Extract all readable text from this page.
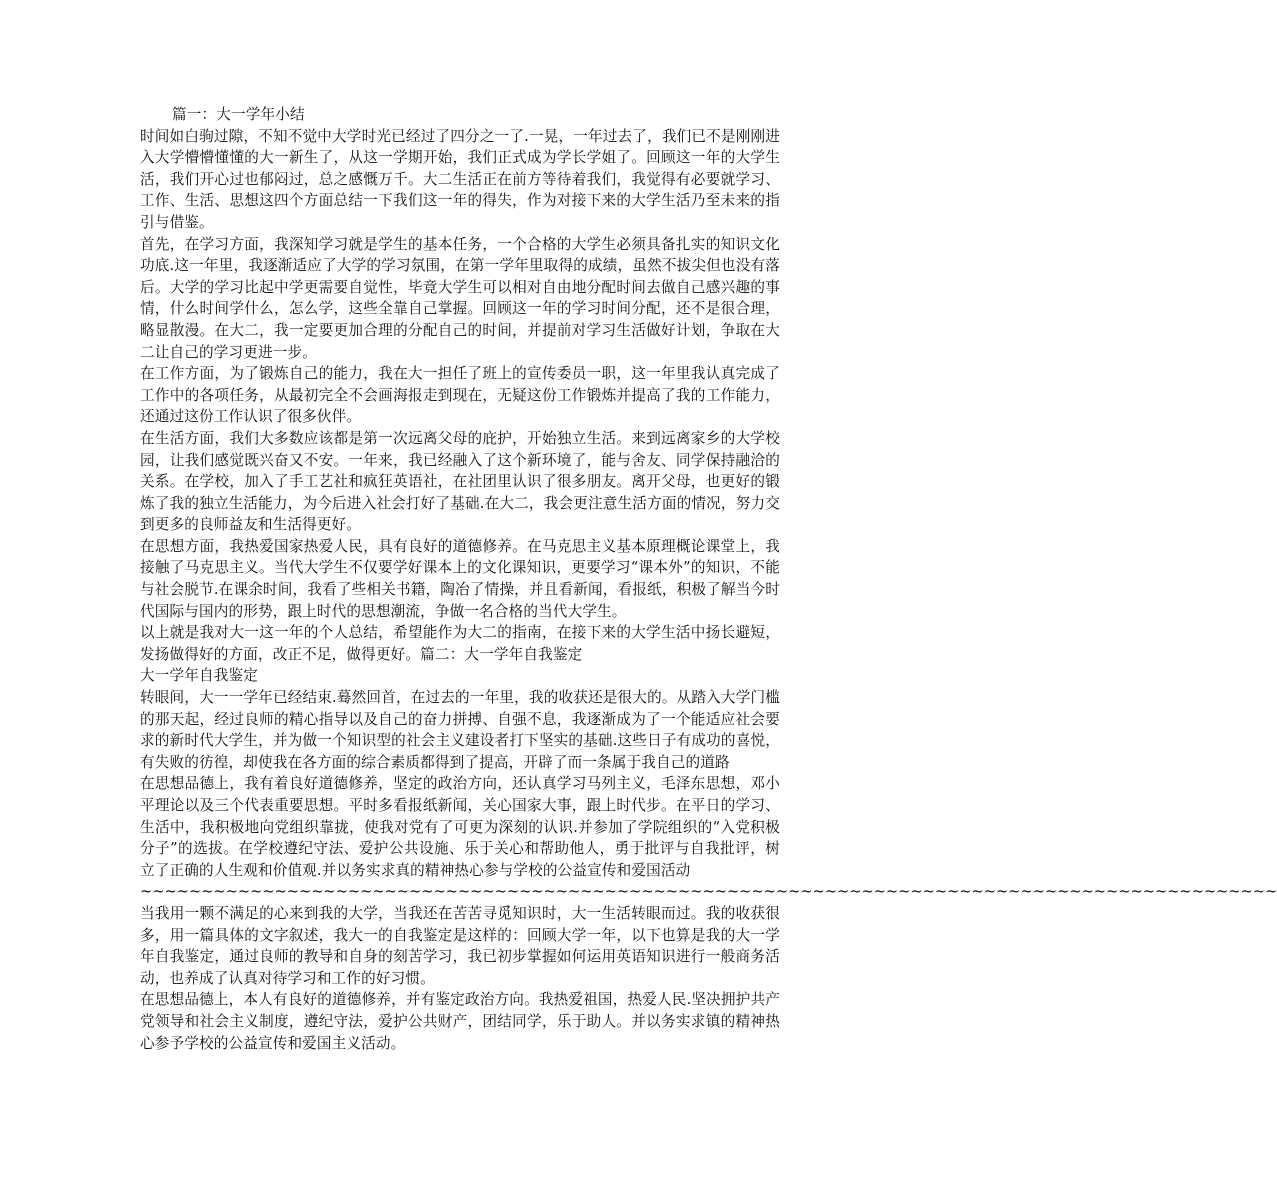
篇一：大一学年小结

时间如白驹过隙，不知不觉中大学时光已经过了四分之一了.一晃，一年过去了，我们已不是刚刚进入大学懵懵懂懂的大一新生了，从这一学期开始，我们正式成为学长学姐了。回顾这一年的大学生活，我们开心过也郁闷过，总之感慨万千。大二生活正在前方等待着我们，我觉得有必要就学习、工作、生活、思想这四个方面总结一下我们这一年的得失，作为对接下来的大学生活乃至未来的指引与借鉴。

首先，在学习方面，我深知学习就是学生的基本任务，一个合格的大学生必须具备扎实的知识文化功底.这一年里，我逐渐适应了大学的学习氛围，在第一学年里取得的成绩，虽然不拔尖但也没有落后。大学的学习比起中学更需要自觉性，毕竟大学生可以相对自由地分配时间去做自己感兴趣的事情，什么时间学什么，怎么学，这些全靠自己掌握。回顾这一年的学习时间分配，还不是很合理，略显散漫。在大二，我一定要更加合理的分配自己的时间，并提前对学习生活做好计划，争取在大二让自己的学习更进一步。

在工作方面，为了锻炼自己的能力，我在大一担任了班上的宣传委员一职，这一年里我认真完成了工作中的各项任务，从最初完全不会画海报走到现在，无疑这份工作锻炼并提高了我的工作能力，还通过这份工作认识了很多伙伴。

在生活方面，我们大多数应该都是第一次远离父母的庇护，开始独立生活。来到远离家乡的大学校园，让我们感觉既兴奋又不安。一年来，我已经融入了这个新环境了，能与舍友、同学保持融洽的关系。在学校，加入了手工艺社和疯狂英语社，在社团里认识了很多朋友。离开父母，也更好的锻炼了我的独立生活能力，为今后进入社会打好了基础.在大二，我会更注意生活方面的情况，努力交到更多的良师益友和生活得更好。

在思想方面，我热爱国家热爱人民，具有良好的道德修养。在马克思主义基本原理概论课堂上，我接触了马克思主义。当代大学生不仅要学好课本上的文化课知识，更要学习“课本外”的知识，不能与社会脱节.在课余时间，我看了些相关书籍，陶冶了情操，并且看新闻，看报纸，积极了解当今时代国际与国内的形势，跟上时代的思想潮流，争做一名合格的当代大学生。

以上就是我对大一这一年的个人总结，希望能作为大二的指南，在接下来的大学生活中扬长避短，发扬做得好的方面，改正不足，做得更好。篇二：大一学年自我鉴定

大一学年自我鉴定

转眼间，大一一学年已经结束.蓦然回首，在过去的一年里，我的收获还是很大的。从踏入大学门槛的那天起，经过良师的精心指导以及自己的奋力拼搏、自强不息，我逐渐成为了一个能适应社会要求的新时代大学生，并为做一个知识型的社会主义建设者打下坚实的基础.这些日子有成功的喜悦，有失败的彷徨，却使我在各方面的综合素质都得到了提高，开辟了而一条属于我自己的道路

在思想品德上，我有着良好道德修养，坚定的政治方向，还认真学习马列主义，毛泽东思想，邓小平理论以及三个代表重要思想。平时多看报纸新闻，关心国家大事，跟上时代步。在平日的学习、生活中，我积极地向党组织靠拢，使我对党有了可更为深刻的认识.并参加了学院组织的“入党积极分子”的选拔。在学校遵纪守法、爱护公共设施、乐于关心和帮助他人，勇于批评与自我批评，树立了正确的人生观和价值观.并以务实求真的精神热心参与学校的公益宣传和爱国活动

~~~~~~~~~~~~~~~~~~~~~~~~~~~~~~~~~~~~~~~~~~~~~~~~~~~~~~~~~~~~~~~~~~~~~~~~~~~~~~~~~~~~~~~~~~~~~

当我用一颗不满足的心来到我的大学，当我还在苦苦寻觅知识时，大一生活转眼而过。我的收获很多，用一篇具体的文字叙述，我大一的自我鉴定是这样的：回顾大学一年，以下也算是我的大一学年自我鉴定，通过良师的教导和自身的刻苦学习，我已初步掌握如何运用英语知识进行一般商务活动，也养成了认真对待学习和工作的好习惯。

在思想品德上，本人有良好的道德修养，并有鉴定政治方向。我热爱祖国，热爱人民.坚决拥护共产党领导和社会主义制度，遵纪守法，爱护公共财产，团结同学，乐于助人。并以务实求镇的精神热心参予学校的公益宣传和爱国主义活动。
